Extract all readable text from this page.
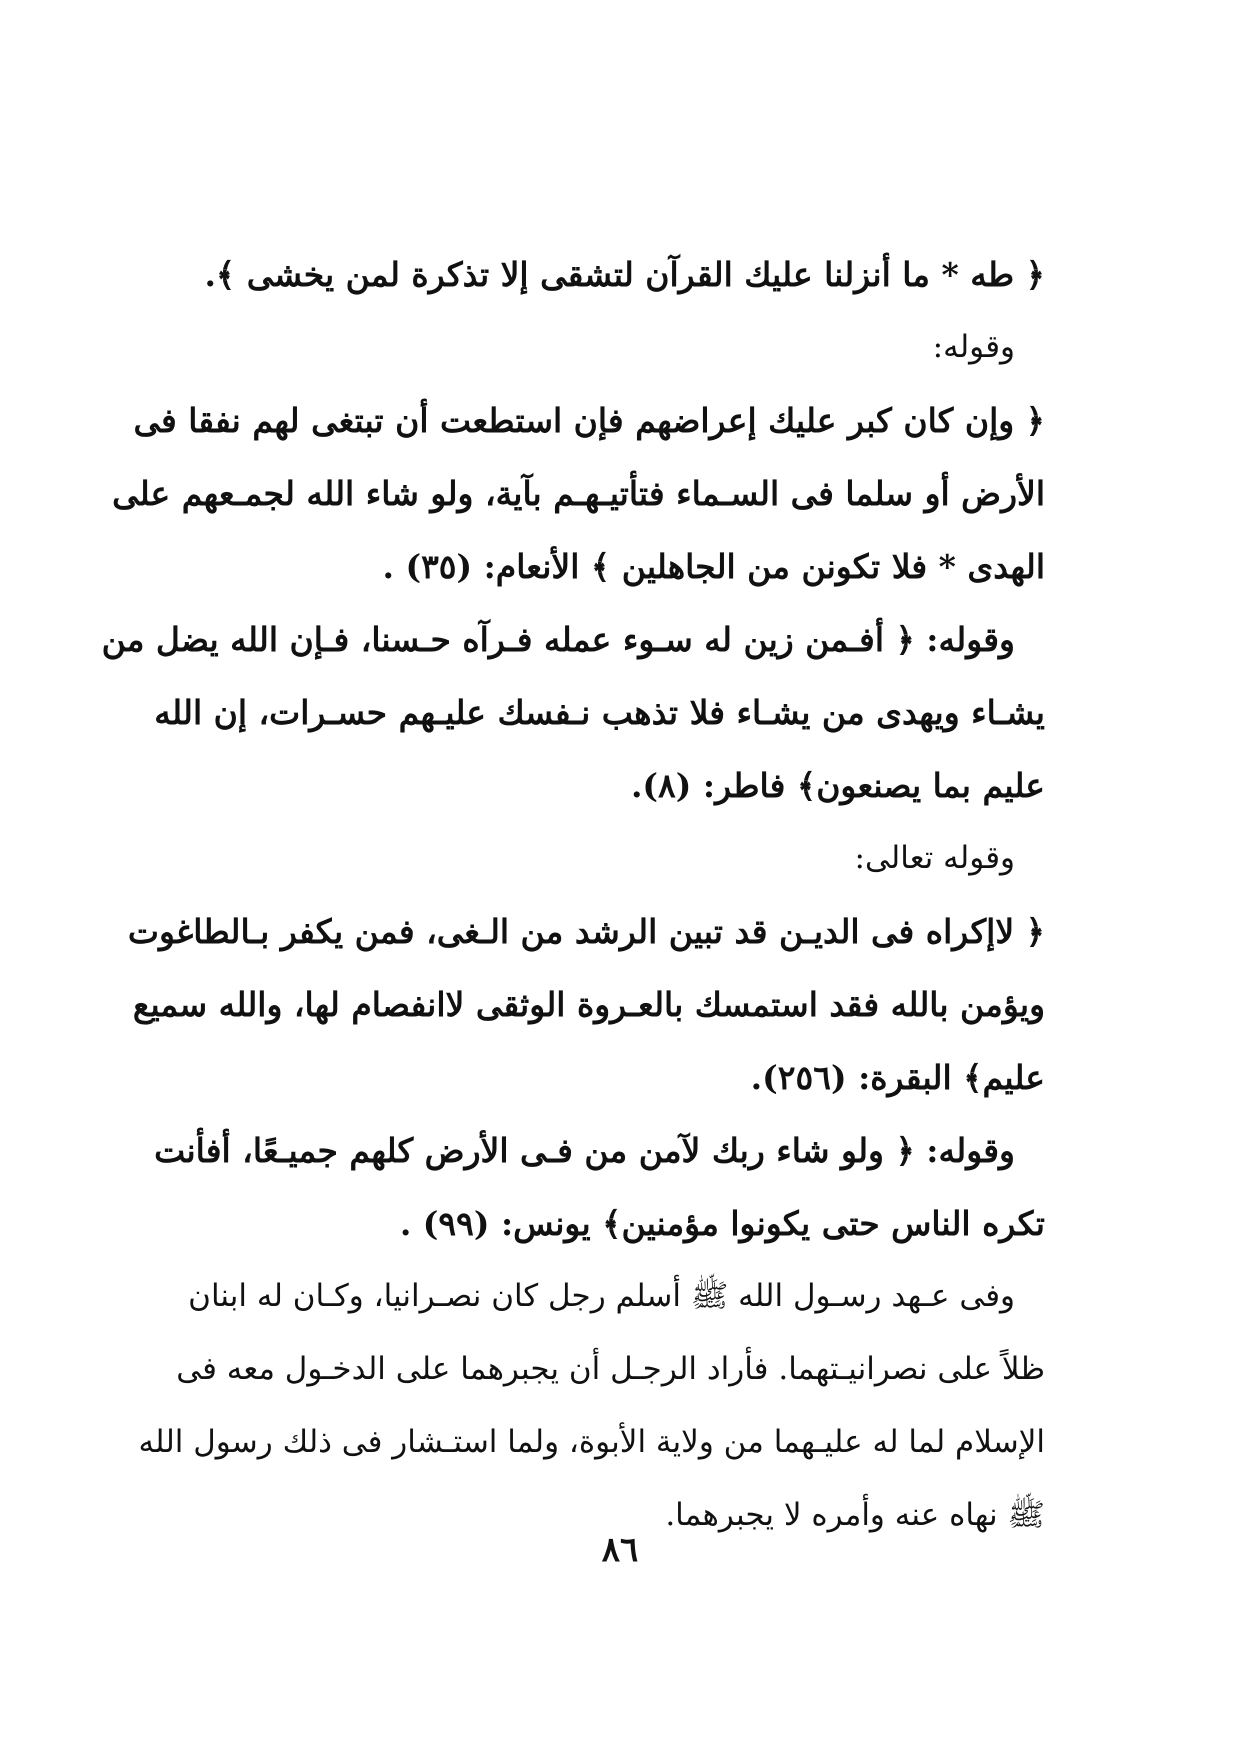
﴿ طه * ما أنزلنا عليك القرآن لتشقى إلا تذكرة لمن يخشى ﴾.
وقوله:
﴿ وإن كان كبر عليك إعراضهم فإن استطعت أن تبتغى لهم نفقا فى
الأرض أو سلما فى السـماء فتأتيـهـم بآية، ولو شاء الله لجمـعهم على
الهدى * فلا تكونن من الجاهلين ﴾ الأنعام: (٣٥) .
وقوله: ﴿ أفـمن زين له سـوء عمله فـرآه حـسنا، فـإن الله يضل من
يشـاء ويهدى من يشـاء فلا تذهب نـفسك عليـهم حسـرات، إن الله
عليم بما يصنعون﴾ فاطر: (٨).
وقوله تعالى:
﴿ لاإكراه فى الديـن قد تبين الرشد من الـغى، فمن يكفر بـالطاغوت
ويؤمن بالله فقد استمسك بالعـروة الوثقى لاانفصام لها، والله سميع
عليم﴾ البقرة: (٢٥٦).
وقوله: ﴿ ولو شاء ربك لآمن من فـى الأرض كلهم جميـعًا، أفأنت
تكره الناس حتى يكونوا مؤمنين﴾ يونس: (٩٩) .
وفى عـهد رسـول الله ﷺ أسلم رجل كان نصـرانيا، وكـان له ابنان
ظلاً على نصرانيـتهما. فأراد الرجـل أن يجبرهما على الدخـول معه فى
الإسلام لما له عليـهما من ولاية الأبوة، ولما استـشار فى ذلك رسول الله
ﷺ نهاه عنه وأمره لا يجبرهما.
٨٦
